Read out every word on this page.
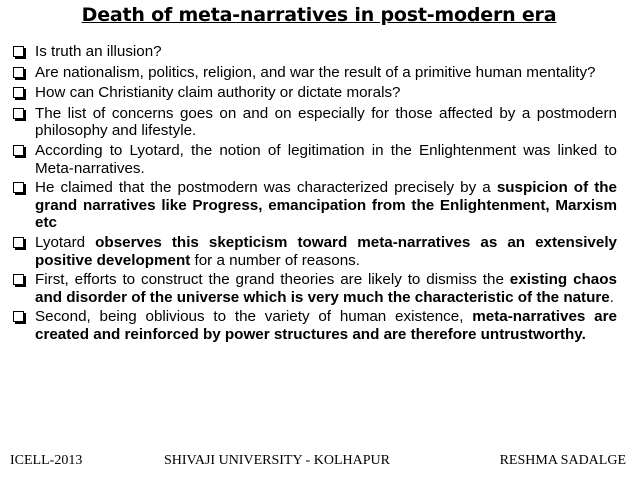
Death of meta-narratives in post-modern era
Is truth an illusion?
Are nationalism, politics, religion, and war the result of a primitive human mentality?
How can Christianity claim authority or dictate morals?
The list of concerns goes on and on especially for those affected by a postmodern philosophy and lifestyle.
According to Lyotard, the notion of legitimation in the Enlightenment was linked to Meta-narratives.
He claimed that the postmodern was characterized precisely by a suspicion of the grand narratives like Progress, emancipation from the Enlightenment, Marxism etc
Lyotard observes this skepticism toward meta-narratives as an extensively positive development for a number of reasons.
First, efforts to construct the grand theories are likely to dismiss the existing chaos and disorder of the universe which is very much the characteristic of the nature.
Second, being oblivious to the variety of human existence, meta-narratives are created and reinforced by power structures and are therefore untrustworthy.
ICELL-2013	SHIVAJI UNIVERSITY - KOLHAPUR	RESHMA SADALGE
